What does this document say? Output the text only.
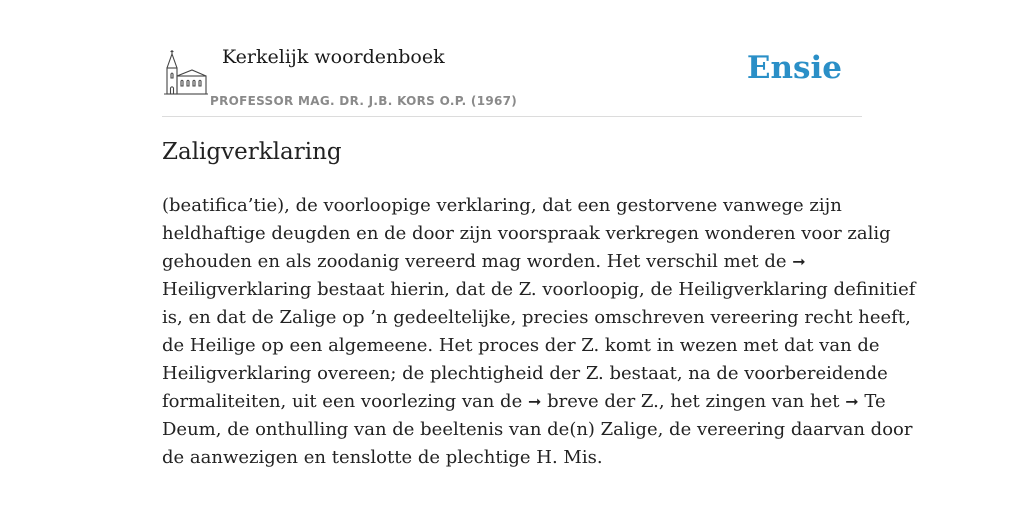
Kerkelijk woordenboek
PROFESSOR MAG. DR. J.B. KORS O.P. (1967)
Ensie
Zaligverklaring
(beatifica’tie), de voorloopige verklaring, dat een gestorvene vanwege zijn
heldhaftige deugden en de door zijn voorspraak verkregen wonderen voor zalig
gehouden en als zoodanig vereerd mag worden. Het verschil met de ➞
Heiligverklaring bestaat hierin, dat de Z. voorloopig, de Heiligverklaring definitief
is, en dat de Zalige op ’n gedeeltelijke, precies omschreven vereering recht heeft,
de Heilige op een algemeene. Het proces der Z. komt in wezen met dat van de
Heiligverklaring overeen; de plechtigheid der Z. bestaat, na de voorbereidende
formaliteiten, uit een voorlezing van de ➞ breve der Z., het zingen van het ➞ Te
Deum, de onthulling van de beeltenis van de(n) Zalige, de vereering daarvan door
de aanwezigen en tenslotte de plechtige H. Mis.
